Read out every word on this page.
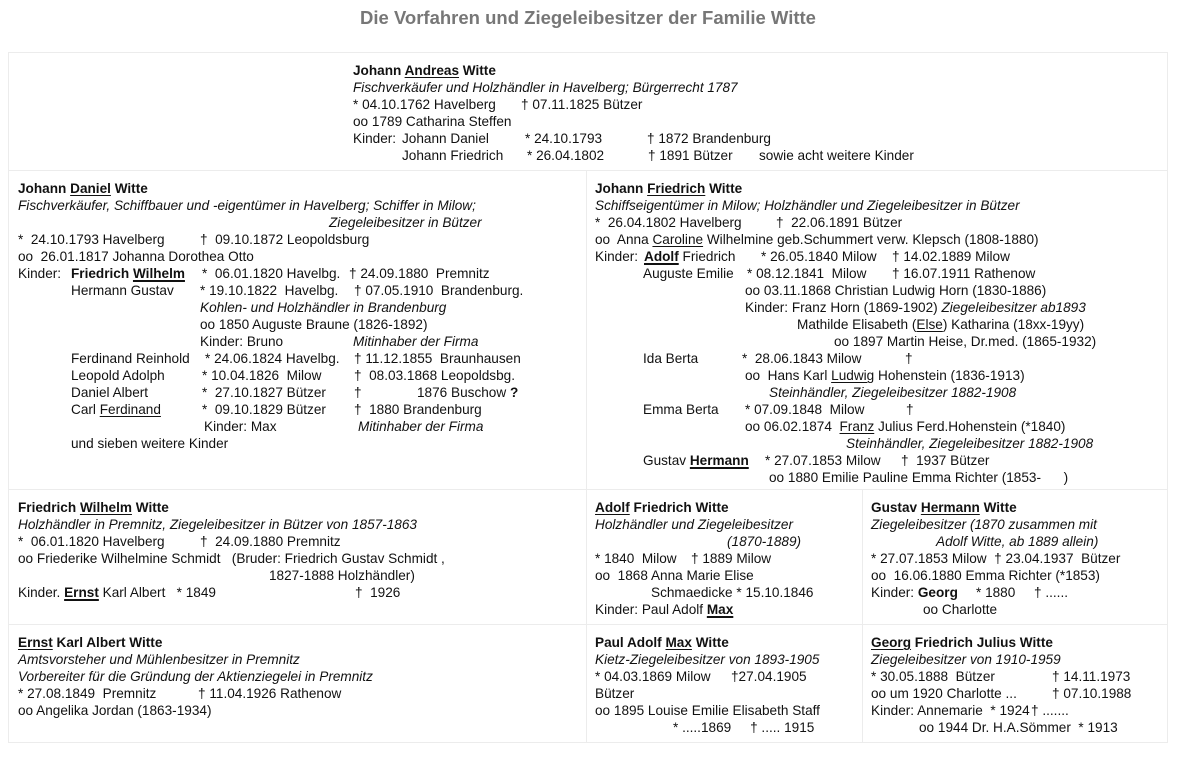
Die Vorfahren und Ziegeleibesitzer der Familie Witte
Johann Andreas Witte
Fischverkäufer und Holzhändler in Havelberg; Bürgerrecht 1787
* 04.10.1762 Havelberg † 07.11.1825 Bützer
oo 1789 Catharina Steffen
Kinder: Johann Daniel	* 24.10.1793	† 1872 Brandenburg
Johann Friedrich * 26.04.1802	† 1891 Bützer sowie acht weitere Kinder
Johann Daniel Witte
Fischverkäufer, Schiffbauer und -eigentümer in Havelberg; Schiffer in Milow;
Ziegeleibesitzer in Bützer
*  24.10.1793 Havelberg	†  09.10.1872 Leopoldsburg
oo  26.01.1817 Johanna Dorothea Otto
Kinder: Friedrich Wilhelm *  06.01.1820 Havelbg. † 24.09.1880  Premnitz
Hermann Gustav * 19.10.1822  Havelbg. † 07.05.1910  Brandenburg.
Kohlen- und Holzhändler in Brandenburg
oo 1850 Auguste Braune (1826-1892)
Kinder: Bruno	Mitinhaber der Firma
Ferdinand Reinhold * 24.06.1824 Havelbg. † 11.12.1855  Braunhausen
Leopold Adolph	* 10.04.1826  Milow †  08.03.1868 Leopoldsbg.
Daniel Albert	*  27.10.1827 Bützer †	1876 Buschow ?
Carl Ferdinand	*  09.10.1829 Bützer †  1880 Brandenburg
Kinder: Max	Mitinhaber der Firma
und sieben weitere Kinder
Johann Friedrich Witte
Schiffseigentümer in Milow; Holzhändler und Ziegeleibesitzer in Bützer
*  26.04.1802 Havelberg	†  22.06.1891 Bützer
oo  Anna Caroline Wilhelmine geb.Schummert verw. Klepsch (1808-1880)
Kinder: Adolf Friedrich * 26.05.1840 Milow † 14.02.1889 Milow
Auguste Emilie * 08.12.1841  Milow † 16.07.1911 Rathenow
oo 03.11.1868 Christian Ludwig Horn (1830-1886)
Kinder: Franz Horn (1869-1902) Ziegeleibesitzer ab1893
Mathilde Elisabeth (Else) Katharina (18xx-19yy)
oo 1897 Martin Heise, Dr.med. (1865-1932)
Ida Berta	*  28.06.1843 Milow	†
oo  Hans Karl Ludwig Hohenstein (1836-1913)
Steinhändler, Ziegeleibesitzer 1882-1908
Emma Berta * 07.09.1848  Milow	†
oo 06.02.1874  Franz Julius Ferd.Hohenstein (*1840)
Steinhändler, Ziegeleibesitzer 1882-1908
Gustav Hermann * 27.07.1853 Milow †  1937 Bützer
oo 1880 Emilie Pauline Emma Richter (1853-      )
Friedrich Wilhelm Witte
Holzhändler in Premnitz, Ziegeleibesitzer in Bützer von 1857-1863
*  06.01.1820 Havelberg	†  24.09.1880 Premnitz
oo Friederike Wilhelmine Schmidt   (Bruder: Friedrich Gustav Schmidt ,
1827-1888 Holzhändler)
Kinder. Ernst Karl Albert   * 1849	†  1926
Adolf Friedrich Witte
Holzhändler und Ziegeleibesitzer
(1870-1889)
* 1840  Milow † 1889 Milow
oo  1868 Anna Marie Elise
Schmaedicke * 15.10.1846
Kinder: Paul Adolf Max
Gustav Hermann Witte
Ziegeleibesitzer (1870 zusammen mit
Adolf Witte, ab 1889 allein)
* 27.07.1853 Milow  † 23.04.1937  Bützer
oo  16.06.1880 Emma Richter (*1853)
Kinder: Georg * 1880 † ......
oo Charlotte
Ernst Karl Albert Witte
Amtsvorsteher und Mühlenbesitzer in Premnitz
Vorbereiter für die Gründung der Aktienziegelei in Premnitz
* 27.08.1849  Premnitz	† 11.04.1926 Rathenow
oo Angelika Jordan (1863-1934)
Paul Adolf Max Witte
Kietz-Ziegeleibesitzer von 1893-1905
* 04.03.1869 Milow †27.04.1905
Bützer
oo 1895 Louise Emilie Elisabeth Staff
* .....1869     † ..... 1915
Georg Friedrich Julius Witte
Ziegeleibesitzer von 1910-1959
* 30.05.1888  Bützer	† 14.11.1973
oo um 1920 Charlotte ...	† 07.10.1988
Kinder: Annemarie  * 1924 † .......
oo 1944 Dr. H.A.Sömmer  * 1913
